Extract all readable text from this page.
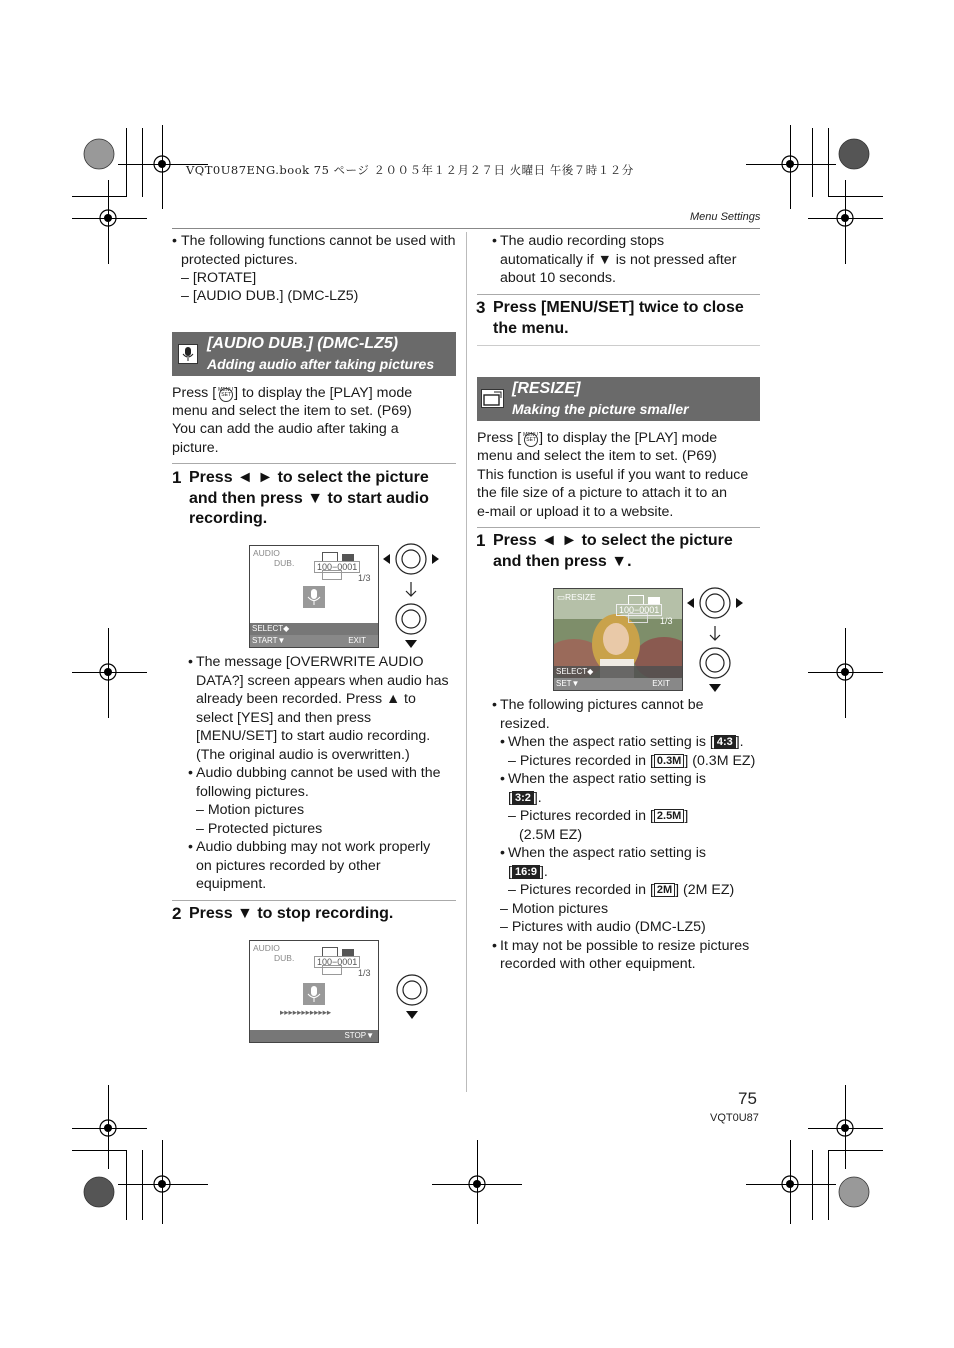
VQT0U87ENG.book 75 ページ ２００５年１２月２７日 火曜日 午後７時１２分
Menu Settings
• The following functions cannot be used with protected pictures.
– [ROTATE]
– [AUDIO DUB.] (DMC-LZ5)
[AUDIO DUB.] (DMC-LZ5)
Adding audio after taking pictures
Press [ MENU
SET ] to display the [PLAY] mode
menu and select the item to set. (P69)
You can add the audio after taking a
picture.
1 Press ◄ ► to select the picture
and then press ▼ to start audio
recording.
AUDIO
DUB.
	100−0001
1/3
SELECT◆
START▼	EXIT
• The message [OVERWRITE AUDIO
DATA?] screen appears when audio has
already been recorded. Press ▲ to
select [YES] and then press
[MENU/SET] to start audio recording.
(The original audio is overwritten.)
• Audio dubbing cannot be used with the
following pictures.
– Motion pictures
– Protected pictures
• Audio dubbing may not work properly
on pictures recorded by other
equipment.
2 Press ▼ to stop recording.
AUDIO
DUB.
	100−0001
1/3
▸▸▸▸▸▸▸▸▸▸▸▸
STOP▼
• The audio recording stops
automatically if ▼ is not pressed after
about 10 seconds.
3 Press [MENU/SET] twice to close
the menu.
[RESIZE]
Making the picture smaller
Press [ MENU
SET ] to display the [PLAY] mode
menu and select the item to set. (P69)
This function is useful if you want to reduce
the file size of a picture to attach it to an
e-mail or upload it to a website.
1 Press ◄ ► to select the picture
and then press ▼.
▭RESIZE

100−0001
1/3
SELECT◆
SET▼	EXIT
• The following pictures cannot be
resized.
• When the aspect ratio setting is [ 4:3 ].
– Pictures recorded in [ 0.3M ] (0.3M EZ)
• When the aspect ratio setting is
[ 3:2 ].
– Pictures recorded in [ 2.5M ]
(2.5M EZ)
• When the aspect ratio setting is
[ 16:9 ].
– Pictures recorded in [ 2M ] (2M EZ)
– Motion pictures
– Pictures with audio (DMC-LZ5)
• It may not be possible to resize pictures
recorded with other equipment.
75
VQT0U87
